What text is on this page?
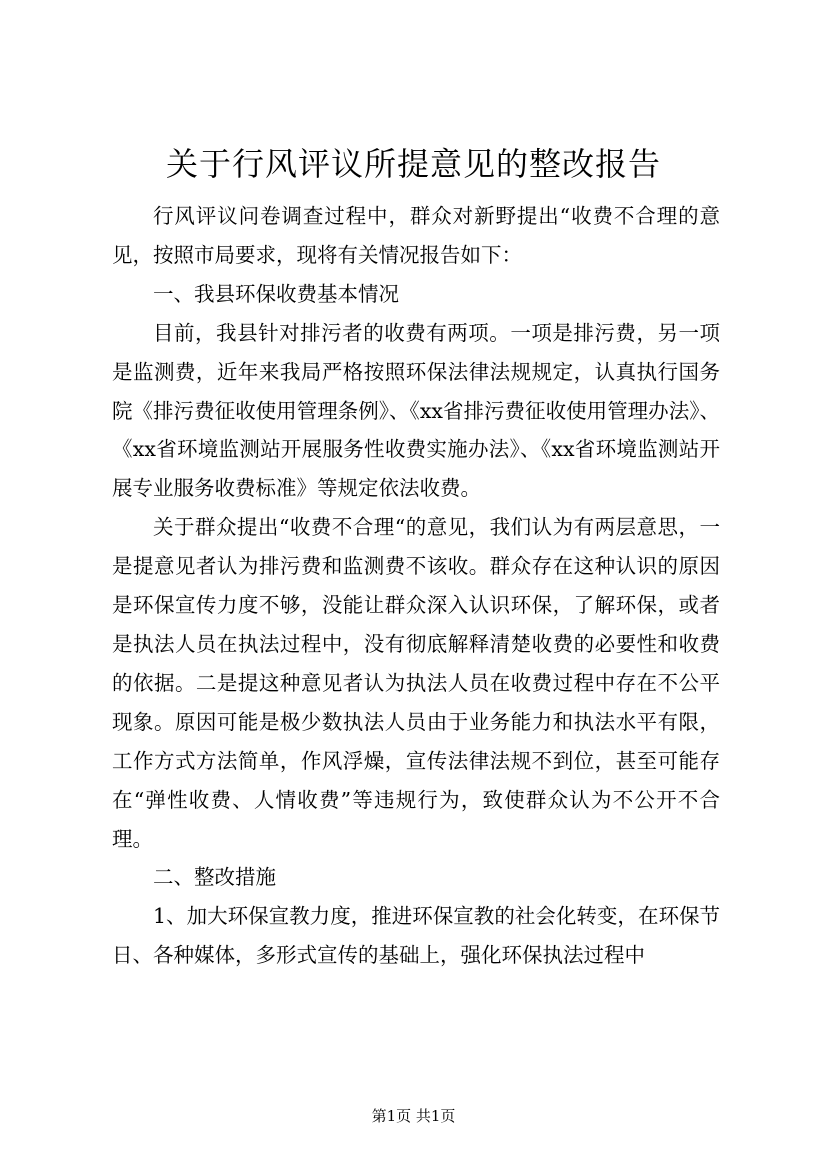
关于行风评议所提意见的整改报告

行风评议问卷调查过程中，群众对新野提出“收费不合理的意见，按照市局要求，现将有关情况报告如下：

一、我县环保收费基本情况

目前，我县针对排污者的收费有两项。一项是排污费，另一项是监测费，近年来我局严格按照环保法律法规规定，认真执行国务院《排污费征收使用管理条例》、《xx省排污费征收使用管理办法》、《xx省环境监测站开展服务性收费实施办法》、《xx省环境监测站开展专业服务收费标准》等规定依法收费。

关于群众提出“收费不合理“的意见，我们认为有两层意思，一是提意见者认为排污费和监测费不该收。群众存在这种认识的原因是环保宣传力度不够，没能让群众深入认识环保，了解环保，或者是执法人员在执法过程中，没有彻底解释清楚收费的必要性和收费的依据。二是提这种意见者认为执法人员在收费过程中存在不公平现象。原因可能是极少数执法人员由于业务能力和执法水平有限，工作方式方法简单，作风浮燥，宣传法律法规不到位，甚至可能存在“弹性收费、人情收费”等违规行为，致使群众认为不公开不合理。

二、整改措施

1、加大环保宣教力度，推进环保宣教的社会化转变，在环保节日、各种媒体，多形式宣传的基础上，强化环保执法过程中

第1页 共1页
